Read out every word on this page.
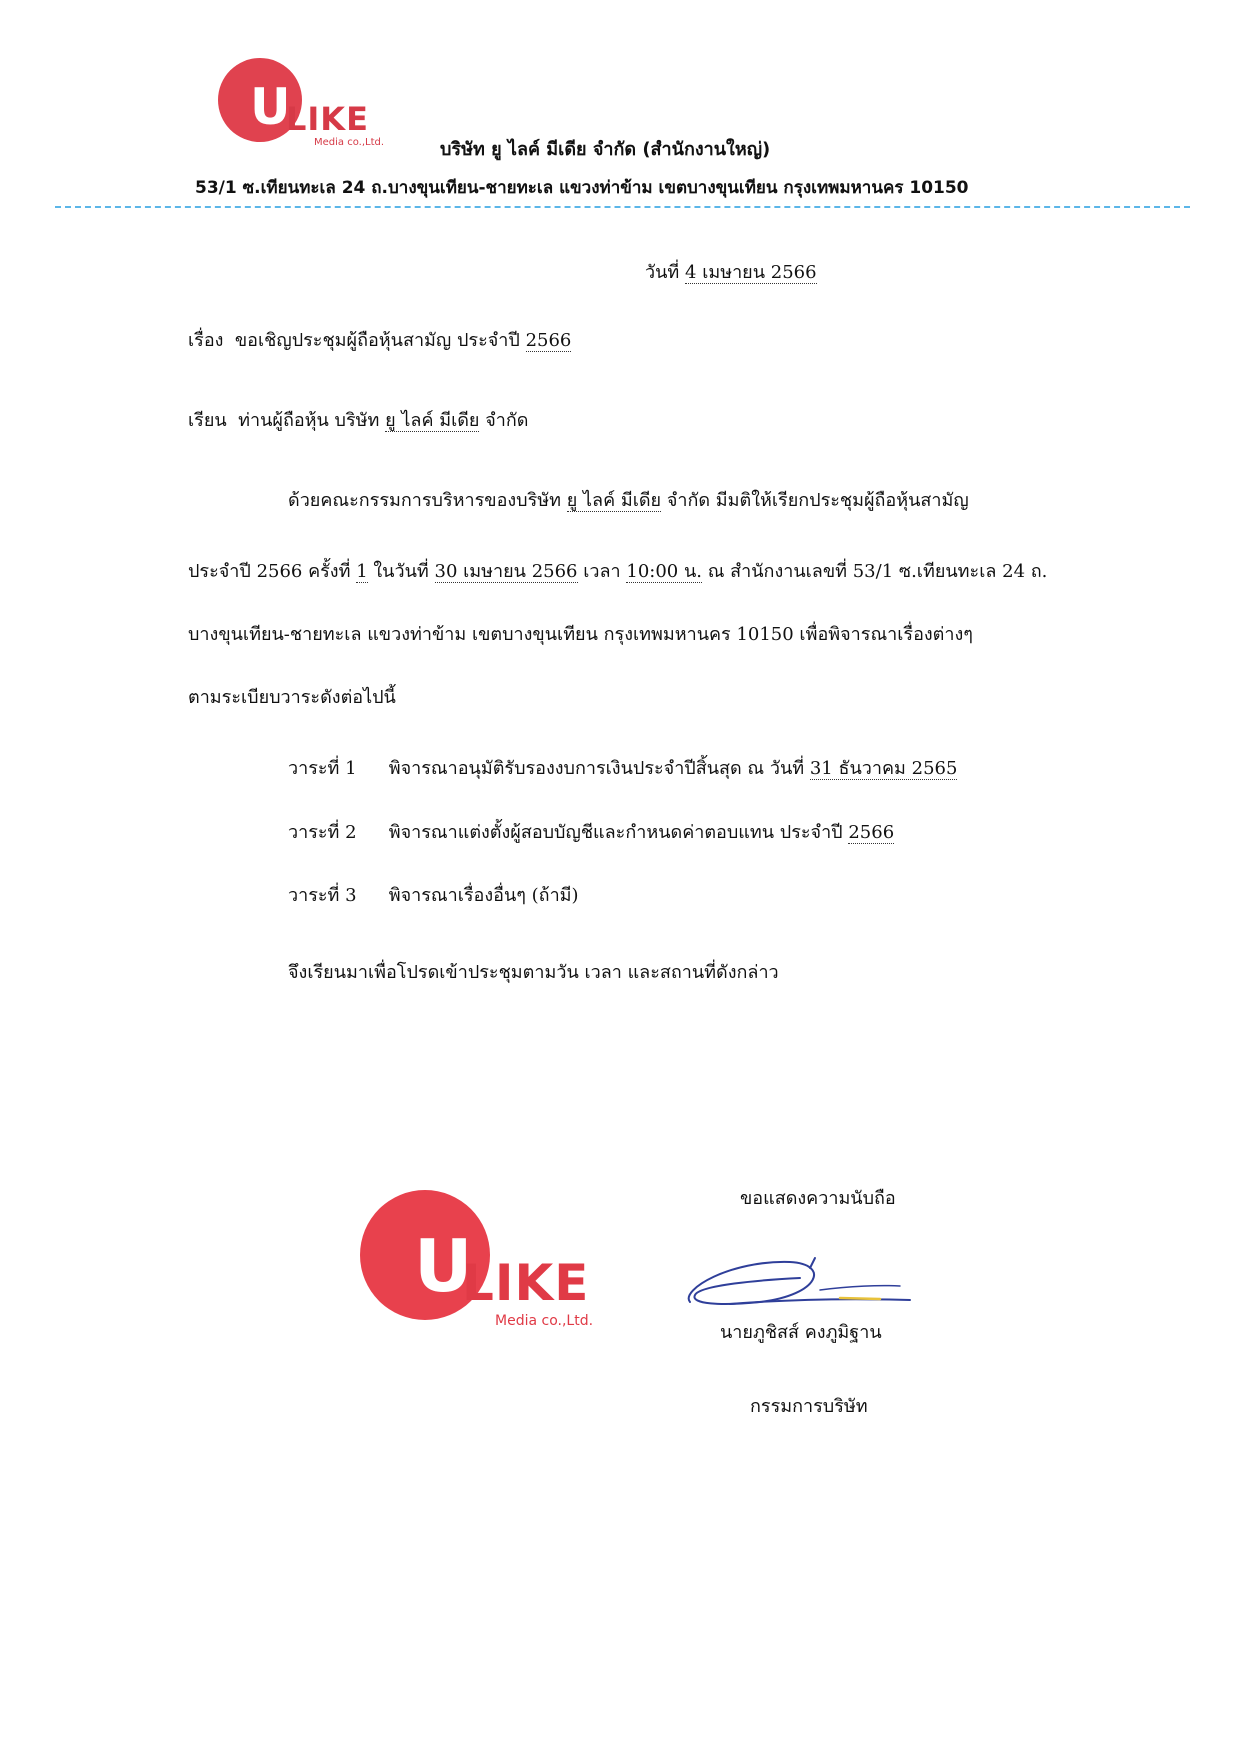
U
LIKE
Media co.,Ltd.	บริษัท ยู ไลค์ มีเดีย จำกัด (สำนักงานใหญ่)
53/1 ซ.เทียนทะเล 24 ถ.บางขุนเทียน-ชายทะเล แขวงท่าข้าม เขตบางขุนเทียน กรุงเทพมหานคร 10150
วันที่ 4 เมษายน 2566
เรื่อง ขอเชิญประชุมผู้ถือหุ้นสามัญ ประจำปี 2566
เรียน ท่านผู้ถือหุ้น บริษัท ยู ไลค์ มีเดีย จำกัด
ด้วยคณะกรรมการบริหารของบริษัท ยู ไลค์ มีเดีย จำกัด มีมติให้เรียกประชุมผู้ถือหุ้นสามัญ
ประจำปี 2566 ครั้งที่ 1 ในวันที่ 30 เมษายน 2566 เวลา 10:00 น. ณ สำนักงานเลขที่ 53/1 ซ.เทียนทะเล 24 ถ.
บางขุนเทียน-ชายทะเล แขวงท่าข้าม เขตบางขุนเทียน กรุงเทพมหานคร 10150 เพื่อพิจารณาเรื่องต่างๆ
ตามระเบียบวาระดังต่อไปนี้
วาระที่ 1 พิจารณาอนุมัติรับรองงบการเงินประจำปีสิ้นสุด ณ วันที่ 31 ธันวาคม 2565
วาระที่ 2 พิจารณาแต่งตั้งผู้สอบบัญชีและกำหนดค่าตอบแทน ประจำปี 2566
วาระที่ 3 พิจารณาเรื่องอื่นๆ (ถ้ามี)
จึงเรียนมาเพื่อโปรดเข้าประชุมตามวัน เวลา และสถานที่ดังกล่าว
ขอแสดงความนับถือ
U
LIKE
Media co.,Ltd.
นายภูชิสส์ คงภูมิฐาน
กรรมการบริษัท
